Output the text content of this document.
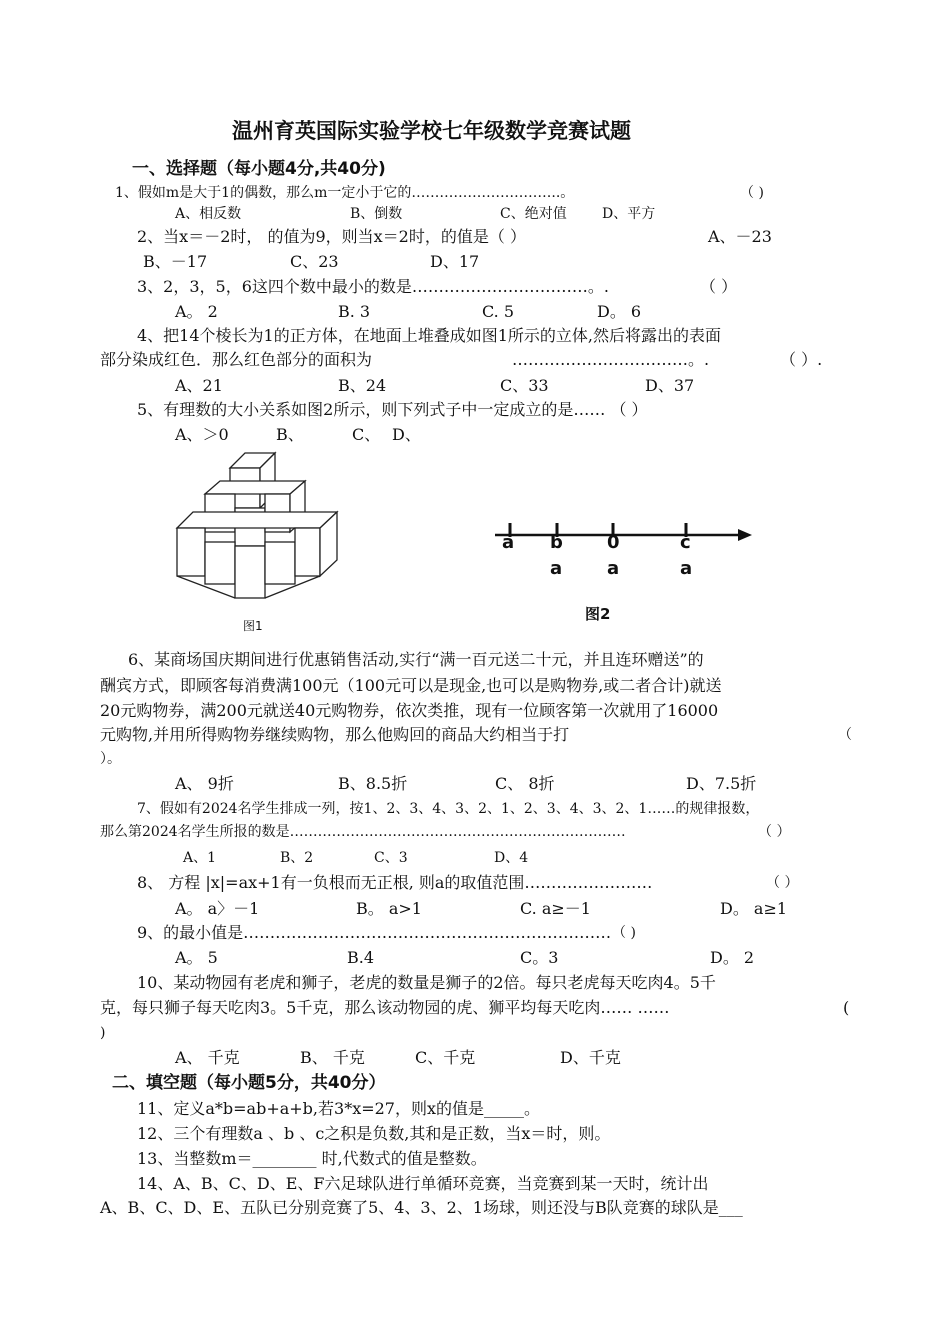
温州育英国际实验学校七年级数学竞赛试题
一、选择题（每小题4分,共40分)
1、假如m是大于1的偶数，那么m一定小于它的…………………………..。	（ )
A、相反数	B、倒数	C、绝对值	D、平方
2、当x＝－2时， 的值为9，则当x＝2时，的值是（ ）	A、－23
B、－17	C、23	D、17
3、2，3，5，6这四个数中最小的数是……………………………。.	（ ）
A。 2	B. 3	C. 5	D。 6
4、把14个棱长为1的正方体，在地面上堆叠成如图1所示的立体,然后将露出的表面
部分染成红色．那么红色部分的面积为	……………………………。.	（ ）.
A、21	B、24	C、33	D、37
5、有理数的大小关系如图2所示，则下列式子中一定成立的是…… （ ）
A、＞0	B、	C、 D、
图1
a b 0	c
a a	a
图2
6、某商场国庆期间进行优惠销售活动,实行“满一百元送二十元，并且连环赠送”的
酬宾方式，即顾客每消费满100元（100元可以是现金,也可以是购物券,或二者合计)就送
20元购物券，满200元就送40元购物券，依次类推，现有一位顾客第一次就用了16000
元购物,并用所得购物券继续购物，那么他购回的商品大约相当于打	（
）。
A、 9折	B、8.5折	C、 8折	D、7.5折
7、假如有2024名学生排成一列，按1、2、3、4、3、2、1、2、3、4、3、2、1……的规律报数，
那么第2024名学生所报的数是………………………………………………………………	（ ）
A、1	B、2	C、3	D、4
8、 方程 |x|=ax+1有一负根而无正根, 则a的取值范围……………………	（ ）
A。 a〉－1	B。 a>1	C. a≥－1	D。 a≥1
9、的最小值是…………………………………………………………… （ )
A。 5	B.4	C。3	D。 2
10、某动物园有老虎和狮子，老虎的数量是狮子的2倍。每只老虎每天吃肉4。5千
克，每只狮子每天吃肉3。5千克，那么该动物园的虎、狮平均每天吃肉…… ……	(
)
A、 千克	B、 千克	C、千克	D、千克
二、填空题（每小题5分，共40分）
11、定义a*b=ab+a+b,若3*x=27，则x的值是_____。
12、三个有理数a 、b 、c之积是负数,其和是正数，当x＝时，则。
13、当整数m＝________ 时,代数式的值是整数。
14、A、B、C、D、E、F六足球队进行单循环竞赛，当竞赛到某一天时，统计出
A、B、C、D、E、五队已分别竞赛了5、4、3、2、1场球，则还没与B队竞赛的球队是___
